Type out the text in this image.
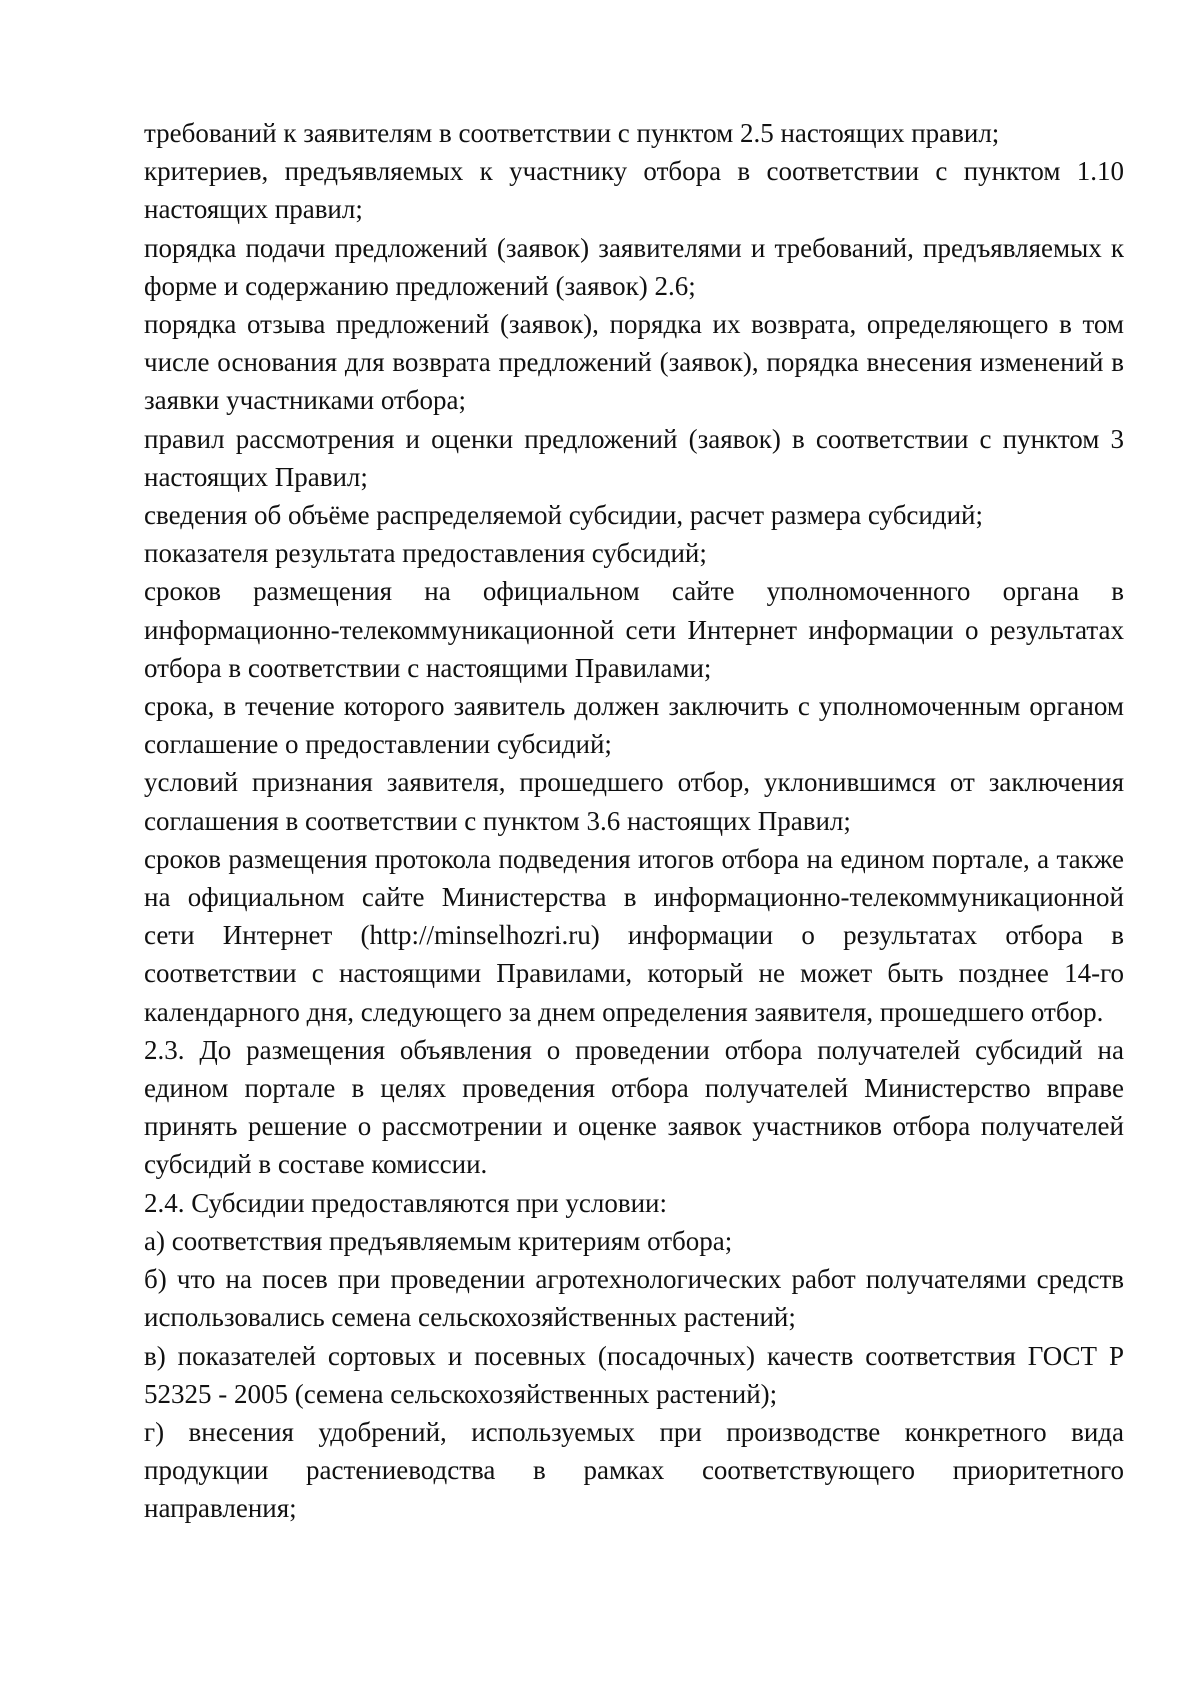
требований к заявителям в соответствии с пунктом 2.5 настоящих правил;

критериев, предъявляемых к участнику отбора в соответствии с пунктом 1.10 настоящих правил;

порядка подачи предложений (заявок) заявителями и требований, предъявляемых к форме и содержанию предложений (заявок) 2.6;

порядка отзыва предложений (заявок), порядка их возврата, определяющего в том числе основания для возврата предложений (заявок), порядка внесения изменений в заявки участниками отбора;

правил рассмотрения и оценки предложений (заявок) в соответствии с пунктом 3 настоящих Правил;

сведения об объёме распределяемой субсидии, расчет размера субсидий;

показателя результата предоставления субсидий;

сроков размещения на официальном сайте уполномоченного органа в информационно-телекоммуникационной сети Интернет информации о результатах отбора в соответствии с настоящими Правилами;

срока, в течение которого заявитель должен заключить с уполномоченным органом соглашение о предоставлении субсидий;

условий признания заявителя, прошедшего отбор, уклонившимся от заключения соглашения в соответствии с пунктом 3.6 настоящих Правил;

сроков размещения протокола подведения итогов отбора на едином портале, а также на официальном сайте Министерства в информационно-телекоммуникационной сети Интернет (http://minselhozri.ru) информации о результатах отбора в соответствии с настоящими Правилами, который не может быть позднее 14-го календарного дня, следующего за днем определения заявителя, прошедшего отбор.

2.3. До размещения объявления о проведении отбора получателей субсидий на едином портале в целях проведения отбора получателей Министерство вправе принять решение о рассмотрении и оценке заявок участников отбора получателей субсидий в составе комиссии.

2.4. Субсидии предоставляются при условии:

а) соответствия предъявляемым критериям отбора;

б) что на посев при проведении агротехнологических работ получателями средств использовались семена сельскохозяйственных растений;

в) показателей сортовых и посевных (посадочных) качеств соответствия ГОСТ Р 52325 - 2005 (семена сельскохозяйственных растений);

г) внесения удобрений, используемых при производстве конкретного вида продукции растениеводства в рамках соответствующего приоритетного направления;
